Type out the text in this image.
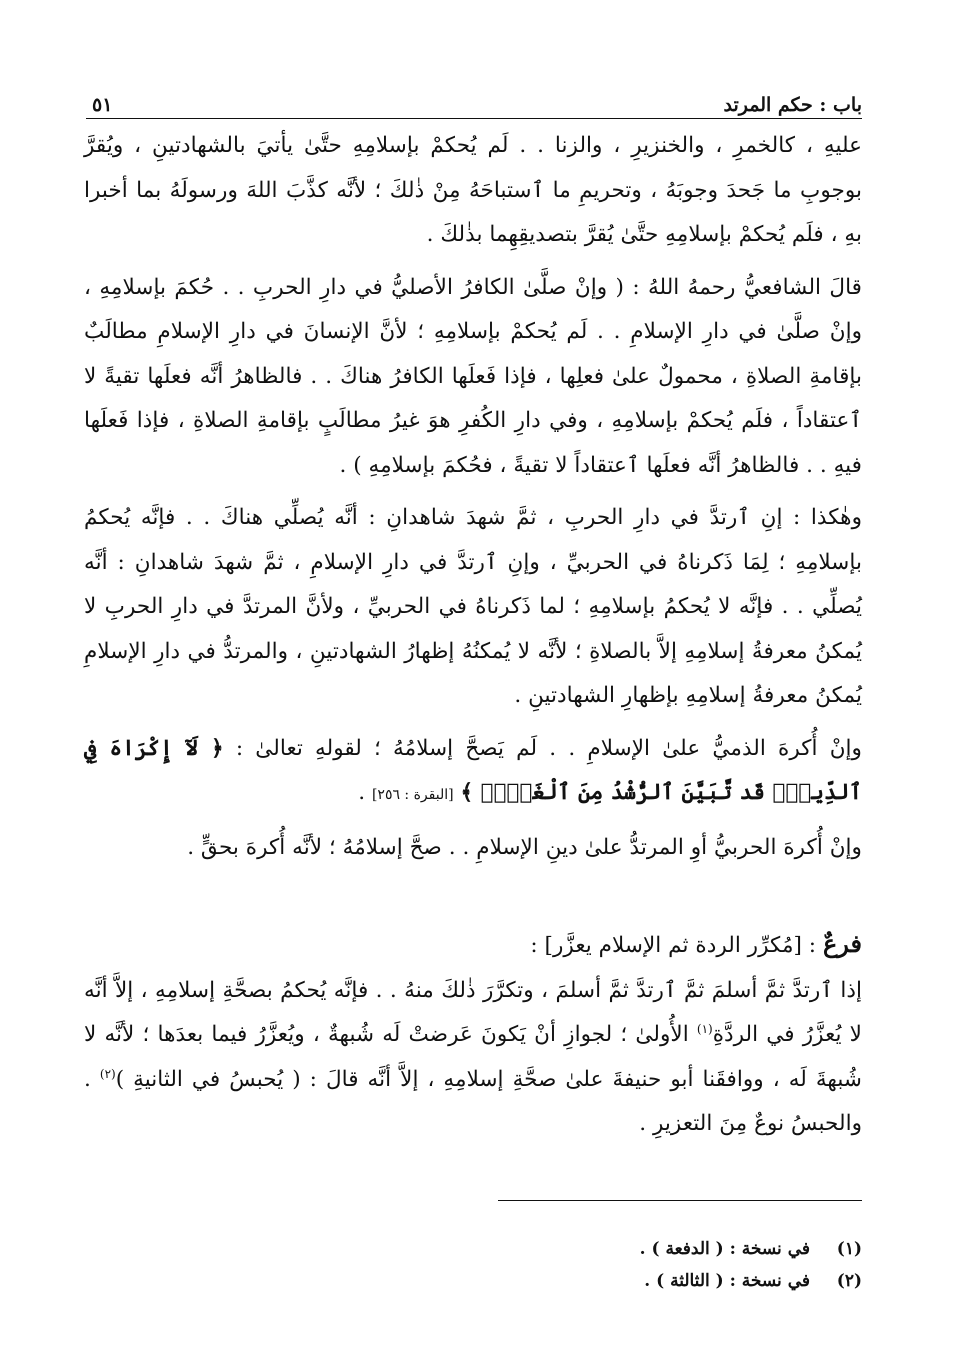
باب : حكم المرتد
٥١

عليهِ ، كالخمرِ ، والخنزيرِ ، والزنا . . لَم يُحكمْ بإسلامِهِ حتَّىٰ يأتيَ بالشهادتينِ ، ويُقرَّ بوجوبِ ما جَحدَ وجوبَهُ ، وتحريمِ ما ٱستباحَهُ مِنْ ذٰلكَ ؛ لأنَّه كذَّبَ اللهَ ورسولَهُ بما أخبرا بهِ ، فلَم يُحكمْ بإسلامِهِ حتَّىٰ يُقرَّ بتصديقِهِما بذٰلكَ .

قالَ الشافعيُّ رحمهُ اللهُ : ( وإنْ صلَّىٰ الكافرُ الأصليُّ في دارِ الحربِ . . حُكمَ بإسلامِهِ ، وإنْ صلَّىٰ في دارِ الإسلامِ . . لَم يُحكمْ بإسلامِهِ ؛ لأنَّ الإنسانَ في دارِ الإسلامِ مطالَبٌ بإقامةِ الصلاةِ ، محمولٌ علىٰ فعلِها ، فإذا فَعلَها الكافرُ هناكَ . . فالظاهرُ أنَّه فعلَها تقيةً لا ٱعتقاداً ، فلَم يُحكمْ بإسلامِهِ ، وفي دارِ الكُفرِ هوَ غيرُ مطالَبٍ بإقامةِ الصلاةِ ، فإذا فَعلَها فيهِ . . فالظاهرُ أنَّه فعلَها ٱعتقاداً لا تقيةً ، فحُكمَ بإسلامِهِ ) .

وهٰكذا : إنِ ٱرتدَّ في دارِ الحربِ ، ثمَّ شهدَ شاهدانِ : أنَّه يُصلِّي هناكَ . . فإنَّه يُحكمُ بإسلامِهِ ؛ لِمَا ذَكرناهُ في الحربيِّ ، وإنِ ٱرتدَّ في دارِ الإسلامِ ، ثمَّ شهدَ شاهدانِ : أنَّه يُصلِّي . . فإنَّه لا يُحكمُ بإسلامِهِ ؛ لما ذَكرناهُ في الحربيِّ ، ولأنَّ المرتدَّ في دارِ الحربِ لا يُمكنُ معرفةُ إسلامِهِ إلاَّ بالصلاةِ ؛ لأنَّه لا يُمكنُهُ إظهارُ الشهادتينِ ، والمرتدُّ في دارِ الإسلامِ يُمكنُ معرفةُ إسلامِهِ بإظهارِ الشهادتينِ .

وإنْ أُكرهَ الذميُّ علىٰ الإسلامِ . . لَم يَصحَّ إسلامُهُ ؛ لقولهِ تعالىٰ : ﴿ لَآ إِكْرَاهَ فِي ٱلدِّينِۖ قَد تَّبَيَّنَ ٱلرُّشْدُ مِنَ ٱلْغَيِّۚ ﴾ [البقرة : ٢٥٦] .

وإنْ أُكرهَ الحربيُّ أوِ المرتدُّ علىٰ دينِ الإسلامِ . . صحَّ إسلامُهُ ؛ لأنَّه أُكرهَ بحقٍّ .

فرعٌ : [مُكرِّر الردة ثم الإسلام يعزَّر] :

إذا ٱرتدَّ ثمَّ أسلمَ ثمَّ ٱرتدَّ ثمَّ أسلمَ ، وتكرَّرَ ذٰلكَ منهُ . . فإنَّه يُحكمُ بصحَّةِ إسلامِهِ ، إلاَّ أنَّه لا يُعزَّرُ في الردَّةِ$^{(١)}$ الأُولىٰ ؛ لجوازِ أنْ يَكونَ عَرضتْ لَه شُبهةٌ ، ويُعزَّرُ فيما بعدَها ؛ لأنَّه لا شُبهةَ لَه ، ووافقَنا أبو حنيفةَ علىٰ صحَّةِ إسلامِهِ ، إلاَّ أنَّه قالَ : ( يُحبسُ في الثانيةِ )$^{(٢)}$ . والحبسُ نوعٌ مِنَ التعزيرِ .

(١)
في نسخة : ( الدفعة ) .
(٢)
في نسخة : ( الثالثة ) .
